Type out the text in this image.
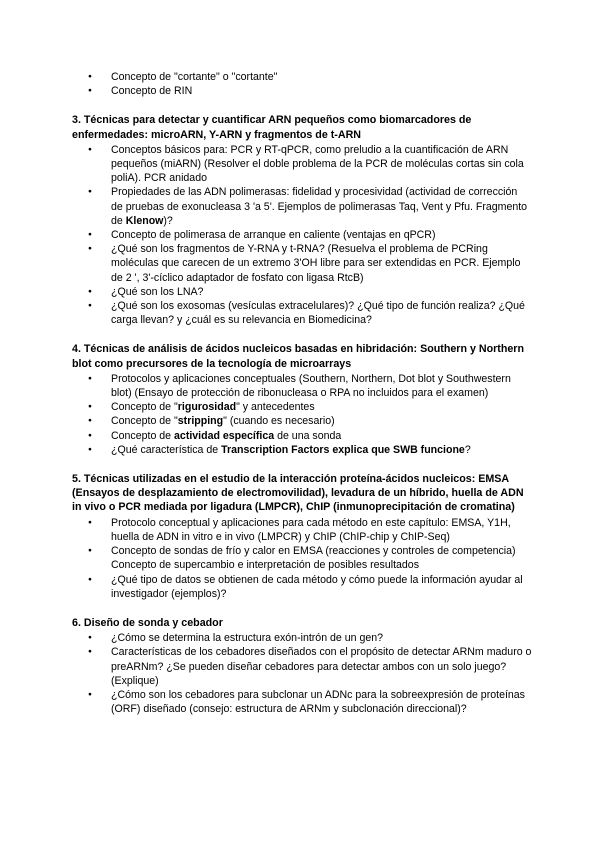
● Concepto de "cortante" o "cortante"
● Concepto de RIN
3. Técnicas para detectar y cuantificar ARN pequeños como biomarcadores de enfermedades: microARN, Y-ARN y fragmentos de t-ARN
● Conceptos básicos para: PCR y RT-qPCR, como preludio a la cuantificación de ARN pequeños (miARN) (Resolver el doble problema de la PCR de moléculas cortas sin cola poliA). PCR anidado
● Propiedades de las ADN polimerasas: fidelidad y procesividad (actividad de corrección de pruebas de exonucleasa 3 'a 5'. Ejemplos de polimerasas Taq, Vent y Pfu. Fragmento de Klenow)?
● Concepto de polimerasa de arranque en caliente (ventajas en qPCR)
● ¿Qué son los fragmentos de Y-RNA y t-RNA? (Resuelva el problema de PCRing moléculas que carecen de un extremo 3'OH libre para ser extendidas en PCR. Ejemplo de 2 ', 3'-cíclico adaptador de fosfato con ligasa RtcB)
● ¿Qué son los LNA?
● ¿Qué son los exosomas (vesículas extracelulares)? ¿Qué tipo de función realiza? ¿Qué carga llevan? y ¿cuál es su relevancia en Biomedicina?
4. Técnicas de análisis de ácidos nucleicos basadas en hibridación: Southern y Northern blot como precursores de la tecnología de microarrays
● Protocolos y aplicaciones conceptuales (Southern, Northern, Dot blot y Southwestern blot) (Ensayo de protección de ribonucleasa o RPA no incluidos para el examen)
● Concepto de "rigurosidad" y antecedentes
● Concepto de "stripping" (cuando es necesario)
● Concepto de actividad específica de una sonda
● ¿Qué característica de Transcription Factors explica que SWB funcione?
5. Técnicas utilizadas en el estudio de la interacción proteína-ácidos nucleicos: EMSA (Ensayos de desplazamiento de electromovilidad), levadura de un híbrido, huella de ADN in vivo o PCR mediada por ligadura (LMPCR), ChIP (inmunoprecipitación de cromatina)
● Protocolo conceptual y aplicaciones para cada método en este capítulo: EMSA, Y1H, huella de ADN in vitro e in vivo (LMPCR) y ChIP (ChIP-chip y ChIP-Seq)
● Concepto de sondas de frío y calor en EMSA (reacciones y controles de competencia) Concepto de supercambio e interpretación de posibles resultados
● ¿Qué tipo de datos se obtienen de cada método y cómo puede la información ayudar al investigador (ejemplos)?
6. Diseño de sonda y cebador
● ¿Cómo se determina la estructura exón-intrón de un gen?
● Características de los cebadores diseñados con el propósito de detectar ARNm maduro o preARNm? ¿Se pueden diseñar cebadores para detectar ambos con un solo juego? (Explique)
● ¿Cómo son los cebadores para subclonar un ADNc para la sobreexpresión de proteínas (ORF) diseñado (consejo: estructura de ARNm y subclonación direccional)?
